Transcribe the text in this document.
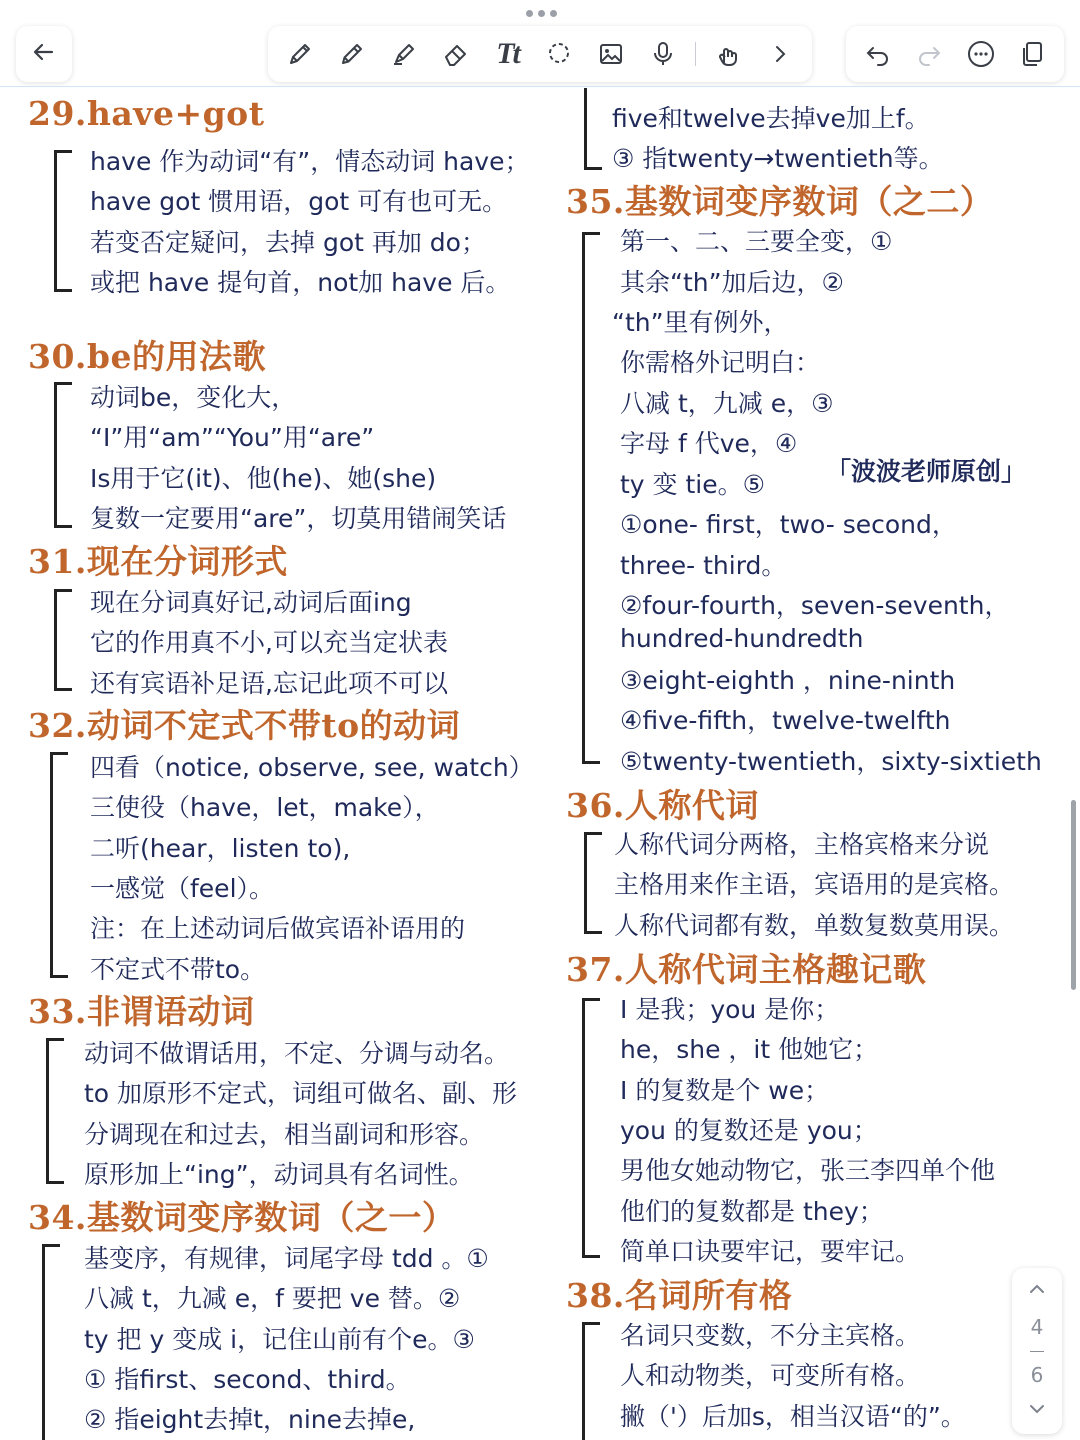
Tt
29.have+got
have 作为动词“有”，情态动词 have；
have got 惯用语，got 可有也可无。
若变否定疑问，去掉 got 再加 do；
或把 have 提句首，not加 have 后。
30.be的用法歌
动词be，变化大，
“I”用“am”“You”用“are”
Is用于它(it)、他(he)、她(she)
复数一定要用“are”，切莫用错闹笑话
31.现在分词形式
现在分词真好记,动词后面ing
它的作用真不小,可以充当定状表
还有宾语补足语,忘记此项不可以
32.动词不定式不带to的动词
四看（notice, observe, see, watch）
三使役（have，let，make），
二听(hear，listen to),
一感觉（feel）。
注：在上述动词后做宾语补语用的
不定式不带to。
33.非谓语动词
动词不做谓话用，不定、分调与动名。
to 加原形不定式，词组可做名、副、形
分调现在和过去，相当副词和形容。
原形加上“ing”，动词具有名词性。
34.基数词变序数词（之一）
基变序，有规律，词尾字母 tdd 。①
八减 t，九减 e，f 要把 ve 替。②
ty 把 y 变成 i，记住山前有个e。③
① 指first、second、third。
② 指eight去掉t，nine去掉e,
five和twelve去掉ve加上f。
③ 指twenty→twentieth等。
35.基数词变序数词（之二）
第一、二、三要全变，①
其余“th”加后边，②
“th”里有例外，
你需格外记明白：
八减 t，九减 e，③
字母 f 代ve，④
「波波老师原创」
ty 变 tie。⑤
①one- first，two- second，
three- third。
②four-fourth，seven-seventh，
hundred-hundredth
③eight-eighth ，nine-ninth
④five-fifth，twelve-twelfth
⑤twenty-twentieth，sixty-sixtieth
36.人称代词
人称代词分两格，主格宾格来分说
主格用来作主语，宾语用的是宾格。
人称代词都有数，单数复数莫用误。
37.人称代词主格趣记歌
I 是我；you 是你；
he，she ，it 他她它；
I 的复数是个 we；
you 的复数还是 you；
男他女她动物它，张三李四单个他
他们的复数都是 they；
简单口诀要牢记，要牢记。
38.名词所有格
名词只变数，不分主宾格。
人和动物类，可变所有格。
撇（'）后加s，相当汉语“的”。
4
6
